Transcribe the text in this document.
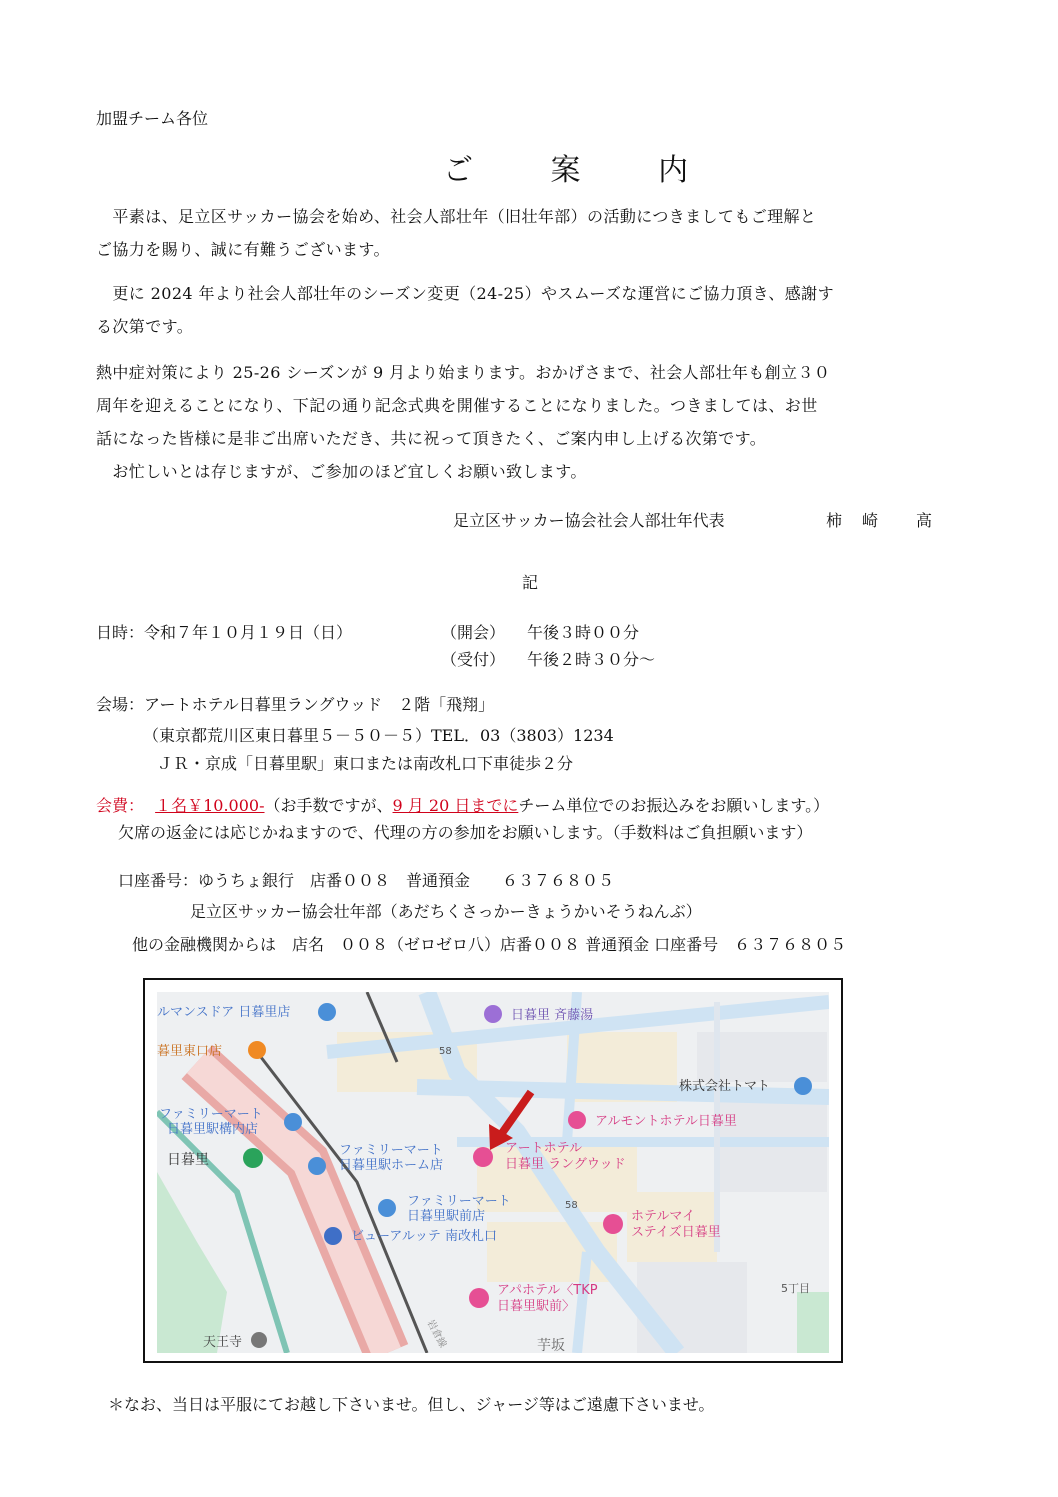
加盟チーム各位
ご 案 内
　平素は、足立区サッカー協会を始め、社会人部壮年（旧壮年部）の活動につきましてもご理解と
ご協力を賜り、誠に有難うございます。
　更に 2024 年より社会人部壮年のシーズン変更（24-25）やスムーズな運営にご協力頂き、感謝す
る次第です。
熱中症対策により 25-26 シーズンが 9 月より始まります。おかげさまで、社会人部壮年も創立３０
周年を迎えることになり、下記の通り記念式典を開催することになりました。つきましては、お世
話になった皆様に是非ご出席いただき、共に祝って頂きたく、ご案内申し上げる次第です。
　お忙しいとは存じますが、ご参加のほど宜しくお願い致します。
足立区サッカー協会社会人部壮年代表	柿　崎　　高
記
日時：令和７年１０月１９日（日）	（開会） 午後３時００分
（受付） 午後２時３０分～
会場：アートホテル日暮里ラングウッド　２階「飛翔」
（東京都荒川区東日暮里５－５０－５）TEL．03（3803）1234
ＪＲ・京成「日暮里駅」東口または南改札口下車徒歩２分
会費： １名￥10.000-（お手数ですが、9 月 20 日までにチーム単位でのお振込みをお願いします。）
欠席の返金には応じかねますので、代理の方の参加をお願いします。（手数料はご負担願います）
口座番号：ゆうちょ銀行　店番００８　普通預金　　６３７６８０５
足立区サッカー協会壮年部（あだちくさっかーきょうかいそうねんぶ）
他の金融機関からは　店名　００８（ゼロゼロ八）店番００８ 普通預金 口座番号　６３７６８０５
ルマンスドア 日暮里店	日暮里 斉藤湯
暮里東口店	58
株式会社トマト
ファミリーマート
日暮里駅構内店
アルモントホテル日暮里
ファミリーマート
日暮里駅ホーム店
アートホテル
日暮里 ラングウッド
日暮里
ファミリーマート
日暮里駅前店
58
ホテルマイ
ステイズ日暮里
ビューアルッテ 南改札口
アパホテル〈TKP
日暮里駅前〉
5丁目
天王寺	岩倉線	芋坂
＊なお、当日は平服にてお越し下さいませ。但し、ジャージ等はご遠慮下さいませ。
